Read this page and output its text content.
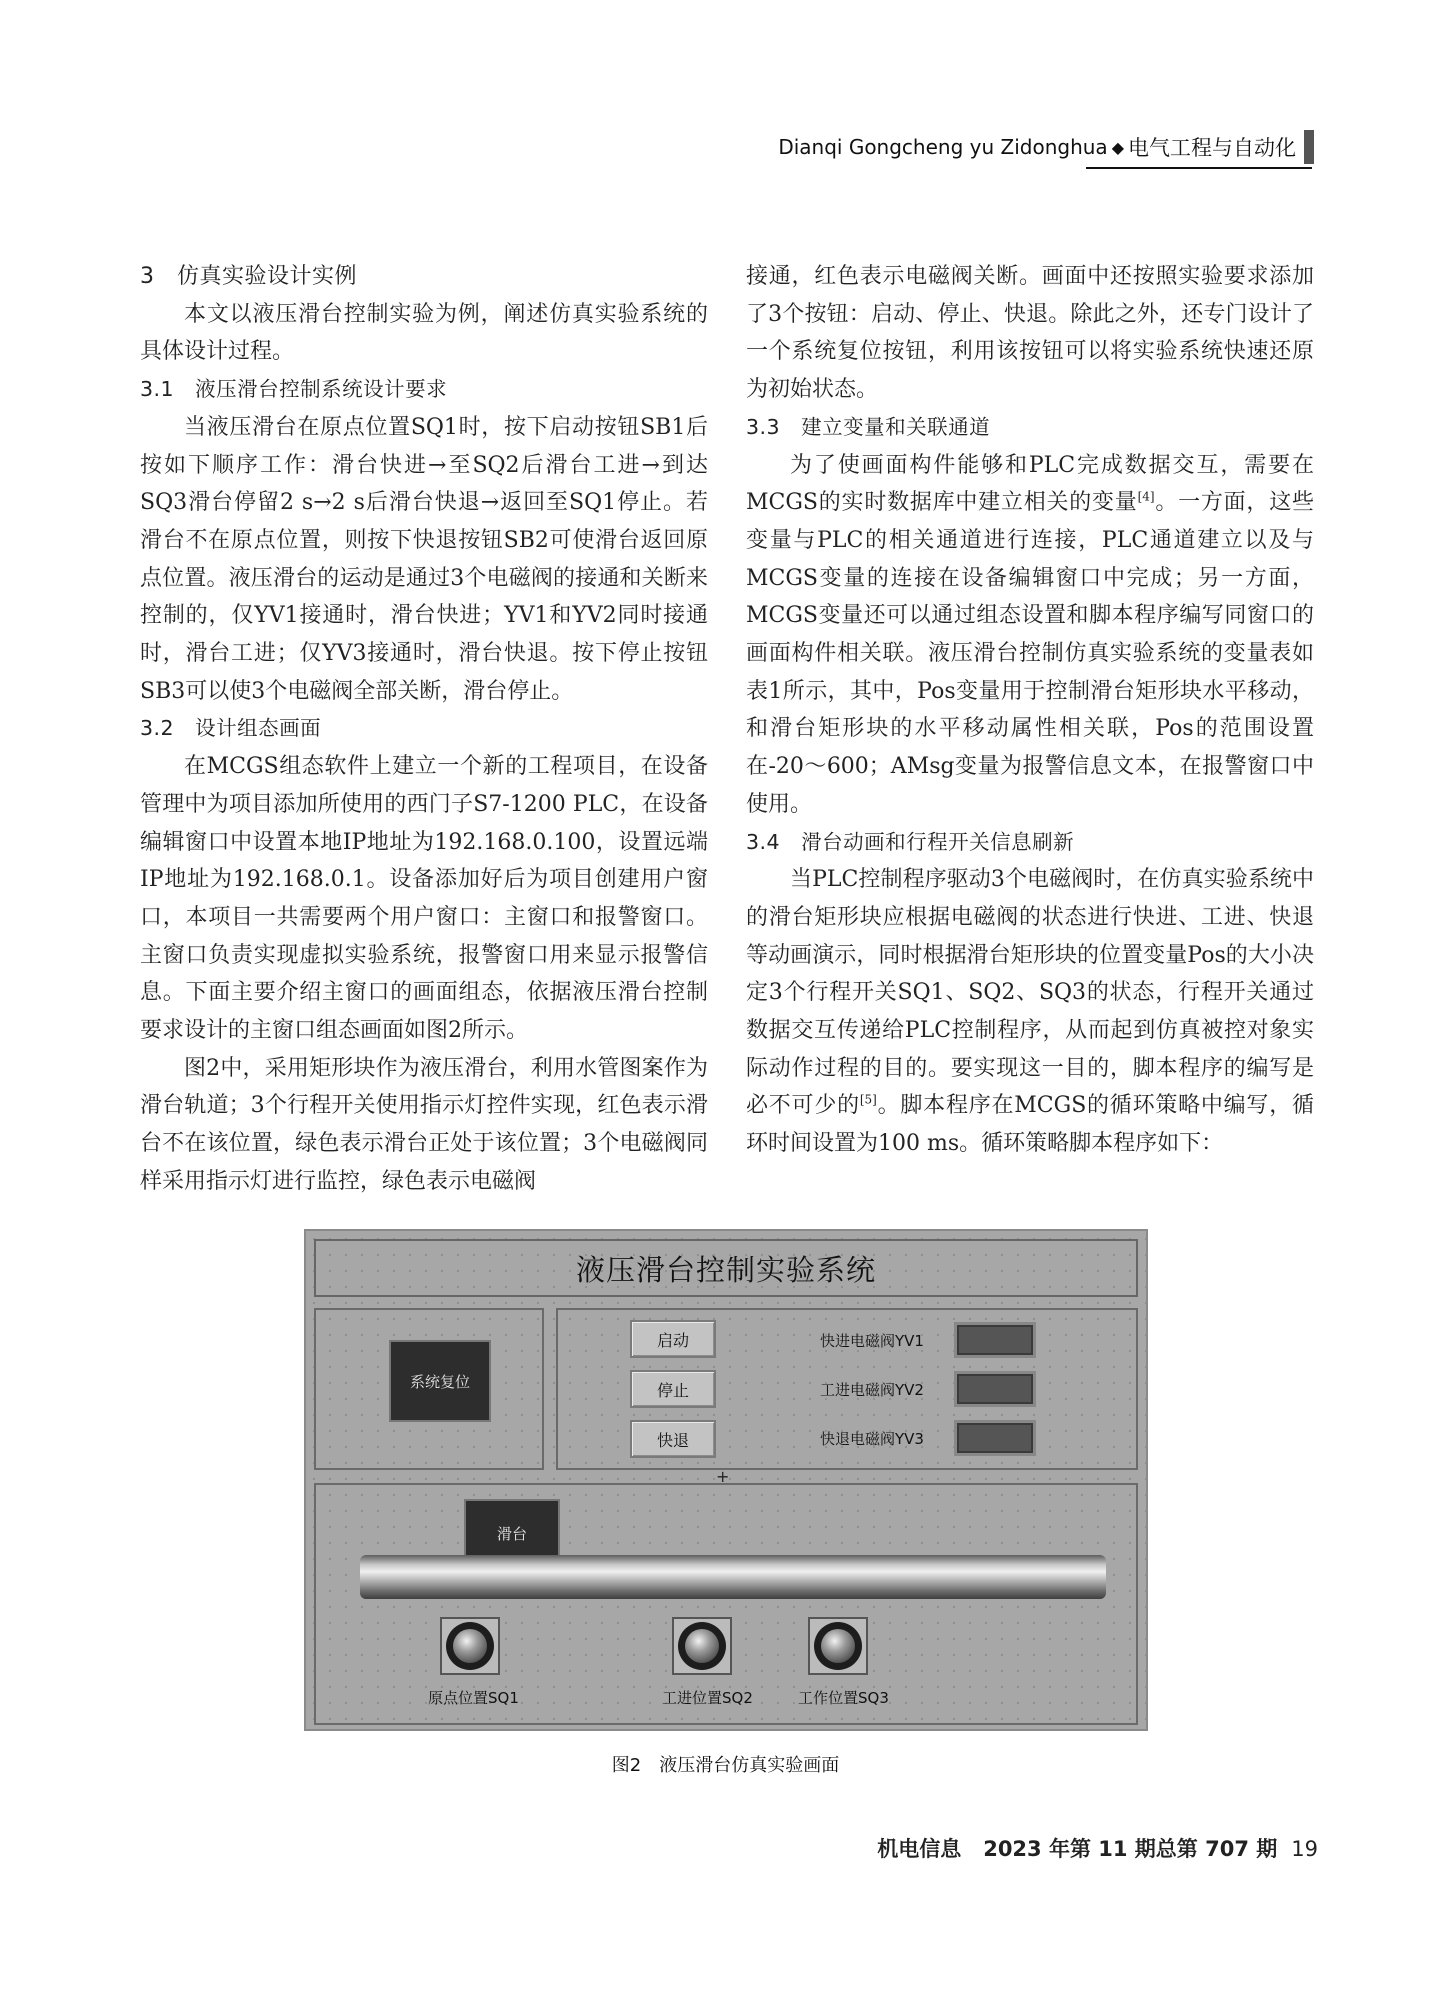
Dianqi Gongcheng yu Zidonghua ◆ 电气工程与自动化
3　仿真实验设计实例

本文以液压滑台控制实验为例，阐述仿真实验系统的具体设计过程。

3.1　液压滑台控制系统设计要求

当液压滑台在原点位置SQ1时，按下启动按钮SB1后按如下顺序工作：滑台快进→至SQ2后滑台工进→到达SQ3滑台停留2 s→2 s后滑台快退→返回至SQ1停止。若滑台不在原点位置，则按下快退按钮SB2可使滑台返回原点位置。液压滑台的运动是通过3个电磁阀的接通和关断来控制的，仅YV1接通时，滑台快进；YV1和YV2同时接通时，滑台工进；仅YV3接通时，滑台快退。按下停止按钮SB3可以使3个电磁阀全部关断，滑台停止。

3.2　设计组态画面

在MCGS组态软件上建立一个新的工程项目，在设备管理中为项目添加所使用的西门子S7-1200 PLC，在设备编辑窗口中设置本地IP地址为192.168.0.100，设置远端IP地址为192.168.0.1。设备添加好后为项目创建用户窗口，本项目一共需要两个用户窗口：主窗口和报警窗口。主窗口负责实现虚拟实验系统，报警窗口用来显示报警信息。下面主要介绍主窗口的画面组态，依据液压滑台控制要求设计的主窗口组态画面如图2所示。

图2中，采用矩形块作为液压滑台，利用水管图案作为滑台轨道；3个行程开关使用指示灯控件实现，红色表示滑台不在该位置，绿色表示滑台正处于该位置；3个电磁阀同样采用指示灯进行监控，绿色表示电磁阀

接通，红色表示电磁阀关断。画面中还按照实验要求添加了3个按钮：启动、停止、快退。除此之外，还专门设计了一个系统复位按钮，利用该按钮可以将实验系统快速还原为初始状态。

3.3　建立变量和关联通道

为了使画面构件能够和PLC完成数据交互，需要在MCGS的实时数据库中建立相关的变量[4]。一方面，这些变量与PLC的相关通道进行连接，PLC通道建立以及与MCGS变量的连接在设备编辑窗口中完成；另一方面，MCGS变量还可以通过组态设置和脚本程序编写同窗口的画面构件相关联。液压滑台控制仿真实验系统的变量表如表1所示，其中，Pos变量用于控制滑台矩形块水平移动，和滑台矩形块的水平移动属性相关联，Pos的范围设置在-20～600；AMsg变量为报警信息文本，在报警窗口中使用。

3.4　滑台动画和行程开关信息刷新

当PLC控制程序驱动3个电磁阀时，在仿真实验系统中的滑台矩形块应根据电磁阀的状态进行快进、工进、快退等动画演示，同时根据滑台矩形块的位置变量Pos的大小决定3个行程开关SQ1、SQ2、SQ3的状态，行程开关通过数据交互传递给PLC控制程序，从而起到仿真被控对象实际动作过程的目的。要实现这一目的，脚本程序的编写是必不可少的[5]。脚本程序在MCGS的循环策略中编写，循环时间设置为100 ms。循环策略脚本程序如下：

液压滑台控制实验系统
系统复位
启动
停止
快退
快进电磁阀YV1
工进电磁阀YV2
快退电磁阀YV3
+
滑台
原点位置SQ1	工进位置SQ2	工作位置SQ3
图2 液压滑台仿真实验画面
机电信息 2023 年第 11 期总第 707 期 19
